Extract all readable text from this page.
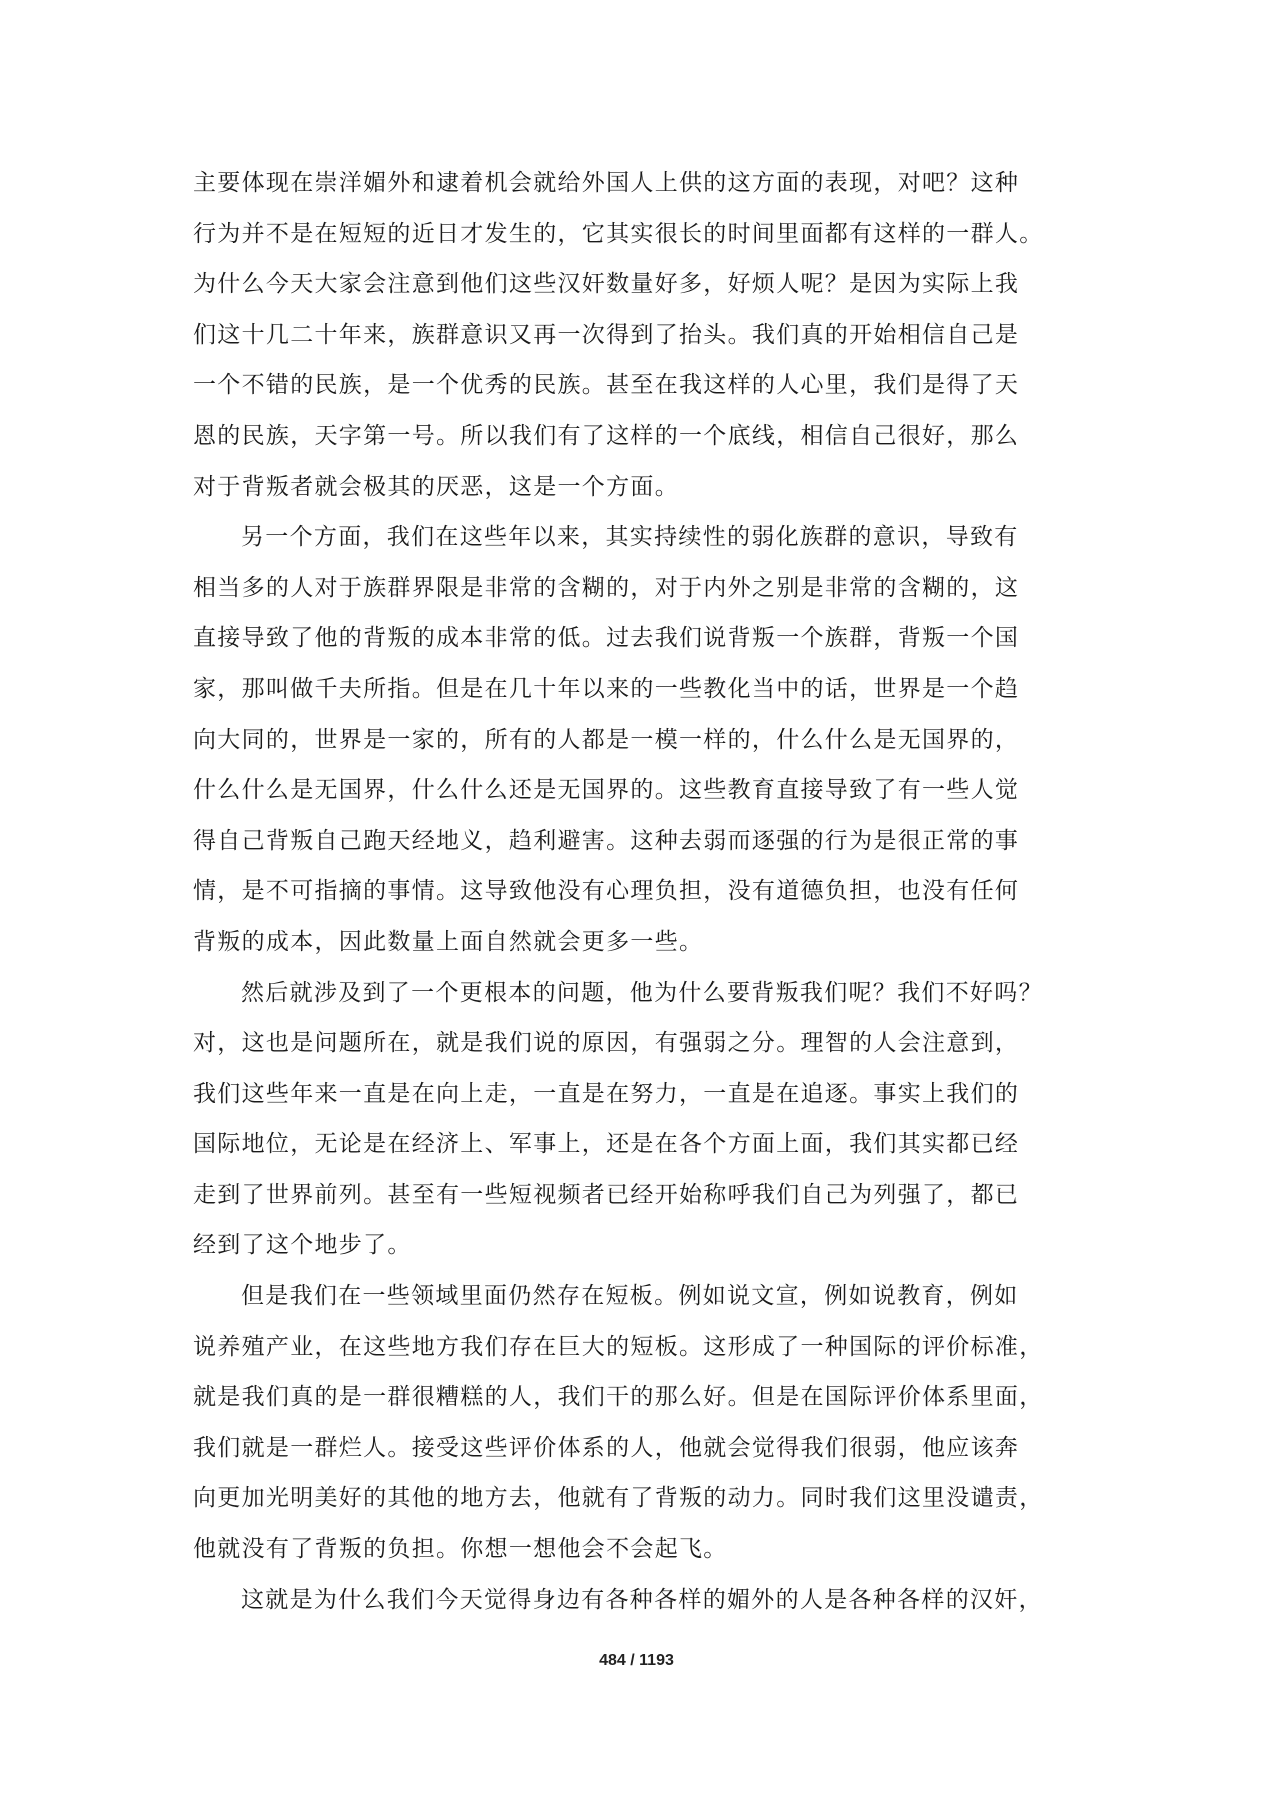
主要体现在崇洋媚外和逮着机会就给外国人上供的这方面的表现，对吧？这种
行为并不是在短短的近日才发生的，它其实很长的时间里面都有这样的一群人。
为什么今天大家会注意到他们这些汉奸数量好多，好烦人呢？是因为实际上我
们这十几二十年来，族群意识又再一次得到了抬头。我们真的开始相信自己是
一个不错的民族，是一个优秀的民族。甚至在我这样的人心里，我们是得了天
恩的民族，天字第一号。所以我们有了这样的一个底线，相信自己很好，那么
对于背叛者就会极其的厌恶，这是一个方面。
另一个方面，我们在这些年以来，其实持续性的弱化族群的意识，导致有
相当多的人对于族群界限是非常的含糊的，对于内外之别是非常的含糊的，这
直接导致了他的背叛的成本非常的低。过去我们说背叛一个族群，背叛一个国
家，那叫做千夫所指。但是在几十年以来的一些教化当中的话，世界是一个趋
向大同的，世界是一家的，所有的人都是一模一样的，什么什么是无国界的，
什么什么是无国界，什么什么还是无国界的。这些教育直接导致了有一些人觉
得自己背叛自己跑天经地义，趋利避害。这种去弱而逐强的行为是很正常的事
情，是不可指摘的事情。这导致他没有心理负担，没有道德负担，也没有任何
背叛的成本，因此数量上面自然就会更多一些。
然后就涉及到了一个更根本的问题，他为什么要背叛我们呢？我们不好吗？
对，这也是问题所在，就是我们说的原因，有强弱之分。理智的人会注意到，
我们这些年来一直是在向上走，一直是在努力，一直是在追逐。事实上我们的
国际地位，无论是在经济上、军事上，还是在各个方面上面，我们其实都已经
走到了世界前列。甚至有一些短视频者已经开始称呼我们自己为列强了，都已
经到了这个地步了。
但是我们在一些领域里面仍然存在短板。例如说文宣，例如说教育，例如
说养殖产业，在这些地方我们存在巨大的短板。这形成了一种国际的评价标准，
就是我们真的是一群很糟糕的人，我们干的那么好。但是在国际评价体系里面，
我们就是一群烂人。接受这些评价体系的人，他就会觉得我们很弱，他应该奔
向更加光明美好的其他的地方去，他就有了背叛的动力。同时我们这里没谴责，
他就没有了背叛的负担。你想一想他会不会起飞。
这就是为什么我们今天觉得身边有各种各样的媚外的人是各种各样的汉奸，
484 / 1193
